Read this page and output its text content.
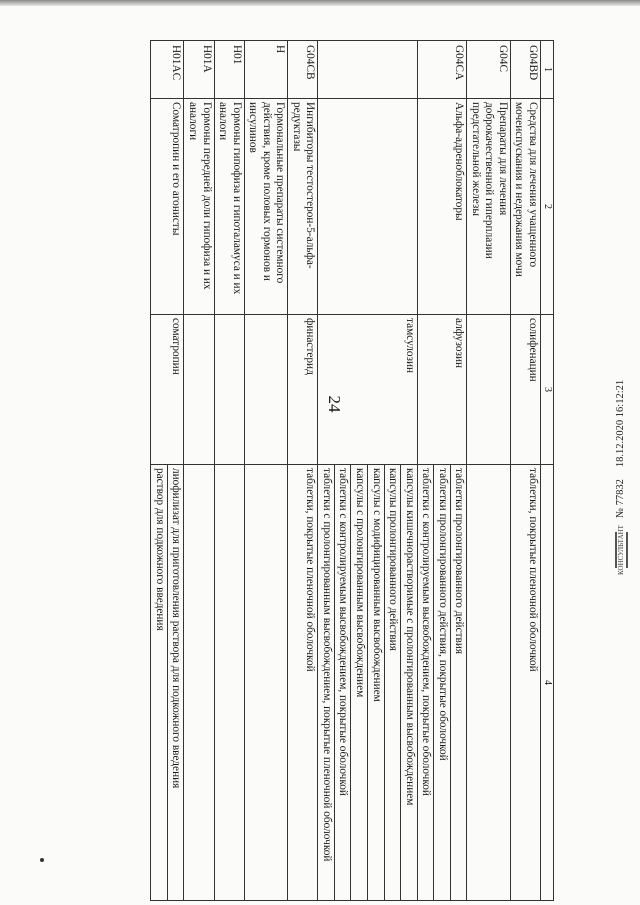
24
1	2	3	4
G04BD	Средства для лечения учащенного мочеиспускания и недержания мочи	солифенацин	таблетки, покрытые пленочной оболочкой
G04C	Препараты для лечения доброкачественной гиперплазии предстательной железы		
G04CA	Альфа-адреноблокаторы	алфузозин	таблетки пролонгированного действия
			таблетки пролонгированного действия, покрытые оболочкой
			таблетки с контролируемым высвобождением, покрытые оболочкой
		тамсулозин	капсулы кишечнорастворимые с пролонгированным высвобождением
			капсулы пролонгированного действия
			капсулы с модифицированным высвобождением
			капсулы с пролонгированным высвобождением
			таблетки с контролируемым высвобождением, покрытые оболочкой
			таблетки с пролонгированным высвобождением, покрытые пленочной оболочкой
G04CB	Ингибиторы тестостерон-5-альфа-редуктазы	финастерид	таблетки, покрытые пленочной оболочкой
H	Гормональные препараты системного действия, кроме половых гормонов и инсулинов		
H01	Гормоны гипофиза и гипоталамуса и их аналоги		
H01A	Гормоны передней доли гипофиза и их аналоги		
H01AC	Соматропин и его агонисты	соматропин	лиофилизат для приготовления раствора для подкожного введения
			раствор для подкожного введения	КОНСУЛЬТАНТ
№ 77832
18.12.2020 16:12:21
